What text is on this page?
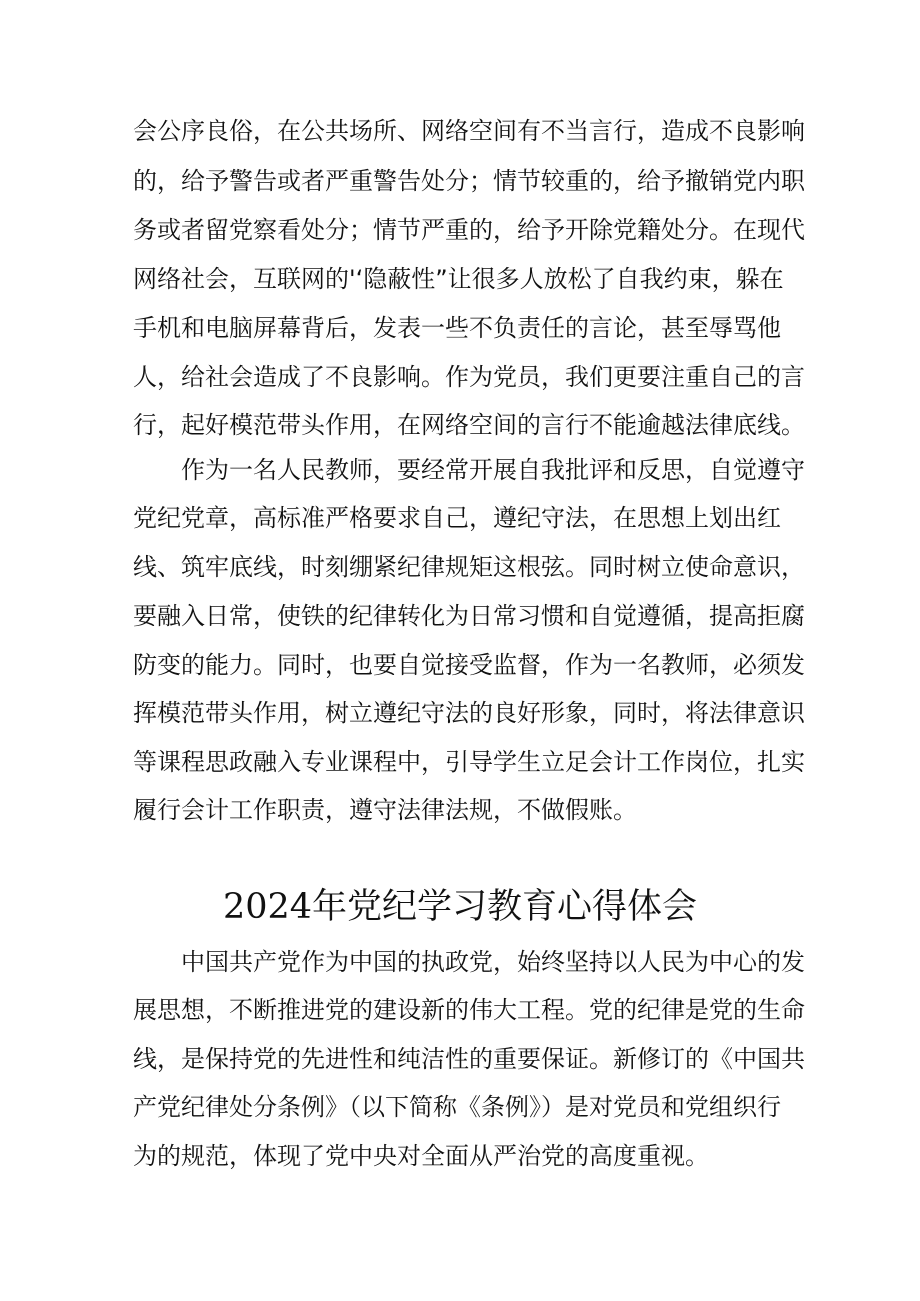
会公序良俗，在公共场所、网络空间有不当言行，造成不良影响
的，给予警告或者严重警告处分；情节较重的，给予撤销党内职
务或者留党察看处分；情节严重的，给予开除党籍处分。在现代
网络社会，互联网的'‘隐蔽性”让很多人放松了自我约束，躲在
手机和电脑屏幕背后，发表一些不负责任的言论，甚至辱骂他
人，给社会造成了不良影响。作为党员，我们更要注重自己的言
行，起好模范带头作用，在网络空间的言行不能逾越法律底线。
作为一名人民教师，要经常开展自我批评和反思，自觉遵守
党纪党章，高标准严格要求自己，遵纪守法，在思想上划出红
线、筑牢底线，时刻绷紧纪律规矩这根弦。同时树立使命意识，
要融入日常，使铁的纪律转化为日常习惯和自觉遵循，提高拒腐
防变的能力。同时，也要自觉接受监督，作为一名教师，必须发
挥模范带头作用，树立遵纪守法的良好形象，同时，将法律意识
等课程思政融入专业课程中，引导学生立足会计工作岗位，扎实
履行会计工作职责，遵守法律法规，不做假账。
2024年党纪学习教育心得体会
中国共产党作为中国的执政党，始终坚持以人民为中心的发
展思想，不断推进党的建设新的伟大工程。党的纪律是党的生命
线，是保持党的先进性和纯洁性的重要保证。新修订的《中国共
产党纪律处分条例》（以下简称《条例》）是对党员和党组织行
为的规范，体现了党中央对全面从严治党的高度重视。
